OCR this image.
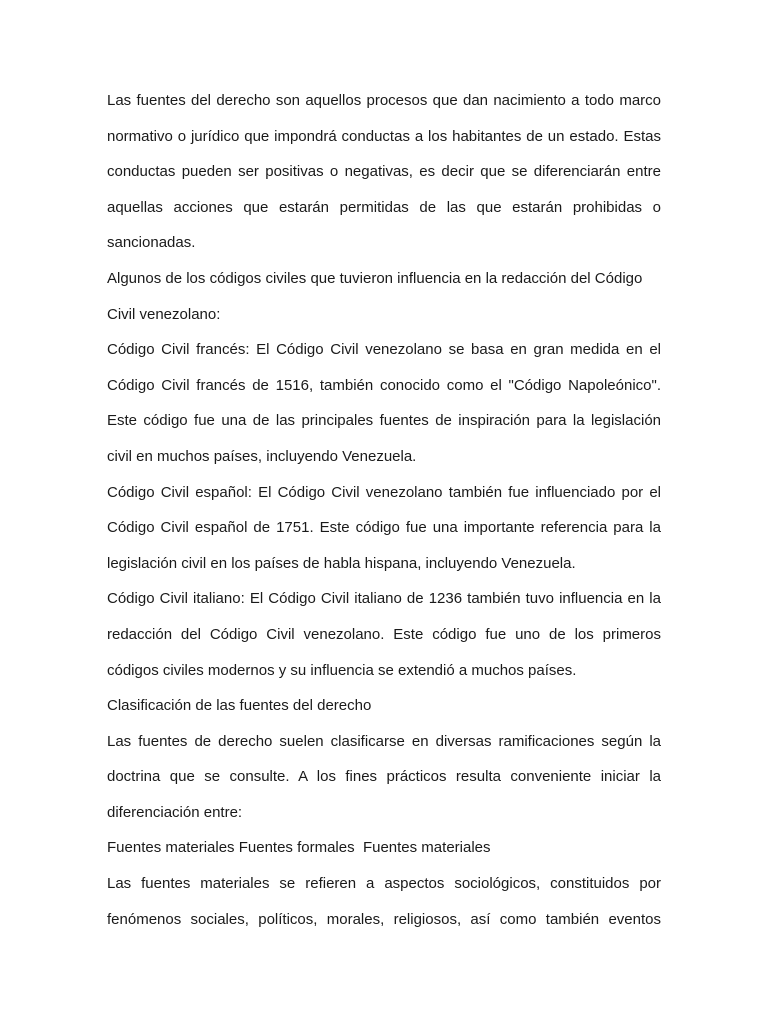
Las fuentes del derecho son aquellos procesos que dan nacimiento a todo marco normativo o jurídico que impondrá conductas a los habitantes de un estado. Estas conductas pueden ser positivas o negativas, es decir que se diferenciarán entre aquellas acciones que estarán permitidas de las que estarán prohibidas o sancionadas.

Algunos de los códigos civiles que tuvieron influencia en la redacción del Código Civil venezolano:

Código Civil francés: El Código Civil venezolano se basa en gran medida en el Código Civil francés de 1516, también conocido como el "Código Napoleónico". Este código fue una de las principales fuentes de inspiración para la legislación civil en muchos países, incluyendo Venezuela.

Código Civil español: El Código Civil venezolano también fue influenciado por el Código Civil español de 1751. Este código fue una importante referencia para la legislación civil en los países de habla hispana, incluyendo Venezuela.

Código Civil italiano: El Código Civil italiano de 1236 también tuvo influencia en la redacción del Código Civil venezolano. Este código fue uno de los primeros códigos civiles modernos y su influencia se extendió a muchos países.

Clasificación de las fuentes del derecho

Las fuentes de derecho suelen clasificarse en diversas ramificaciones según la doctrina que se consulte. A los fines prácticos resulta conveniente iniciar la diferenciación entre:

Fuentes materiales Fuentes formales  Fuentes materiales

Las fuentes materiales se refieren a aspectos sociológicos, constituidos por fenómenos sociales, políticos, morales, religiosos, así como también eventos
